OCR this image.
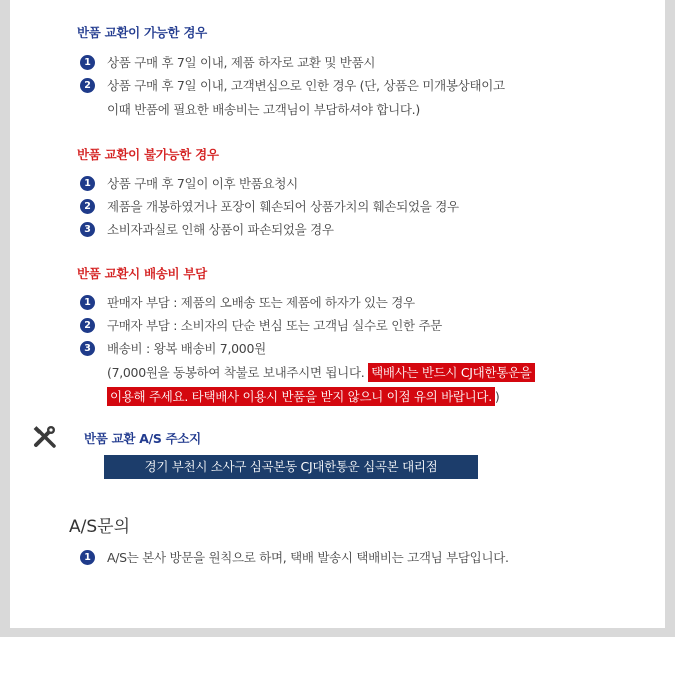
반품 교환이 가능한 경우
1	상품 구매 후 7일 이내, 제품 하자로 교환 및 반품시
2	상품 구매 후 7일 이내, 고객변심으로 인한 경우 (단, 상품은 미개봉상태이고
이때 반품에 필요한 배송비는 고객님이 부담하셔야 합니다.)
반품 교환이 불가능한 경우
1	상품 구매 후 7일이 이후 반품요청시
2	제품을 개봉하였거나 포장이 훼손되어 상품가치의 훼손되었을 경우
3	소비자과실로 인해 상품이 파손되었을 경우
반품 교환시 배송비 부담
1	판매자 부담 : 제품의 오배송 또는 제품에 하자가 있는 경우
2	구매자 부담 : 소비자의 단순 변심 또는 고객님 실수로 인한 주문
3	배송비 : 왕복 배송비 7,000원
(7,000원을 동봉하여 착불로 보내주시면 됩니다. 택배사는 반드시 CJ대한통운을
이용해 주세요. 타택배사 이용시 반품을 받지 않으니 이점 유의 바랍니다. )
반품 교환 A/S 주소지
경기 부천시 소사구 심곡본동 CJ대한통운 심곡본 대리점
A/S문의
1	A/S는 본사 방문을 원칙으로 하며, 택배 발송시 택배비는 고객님 부담입니다.
